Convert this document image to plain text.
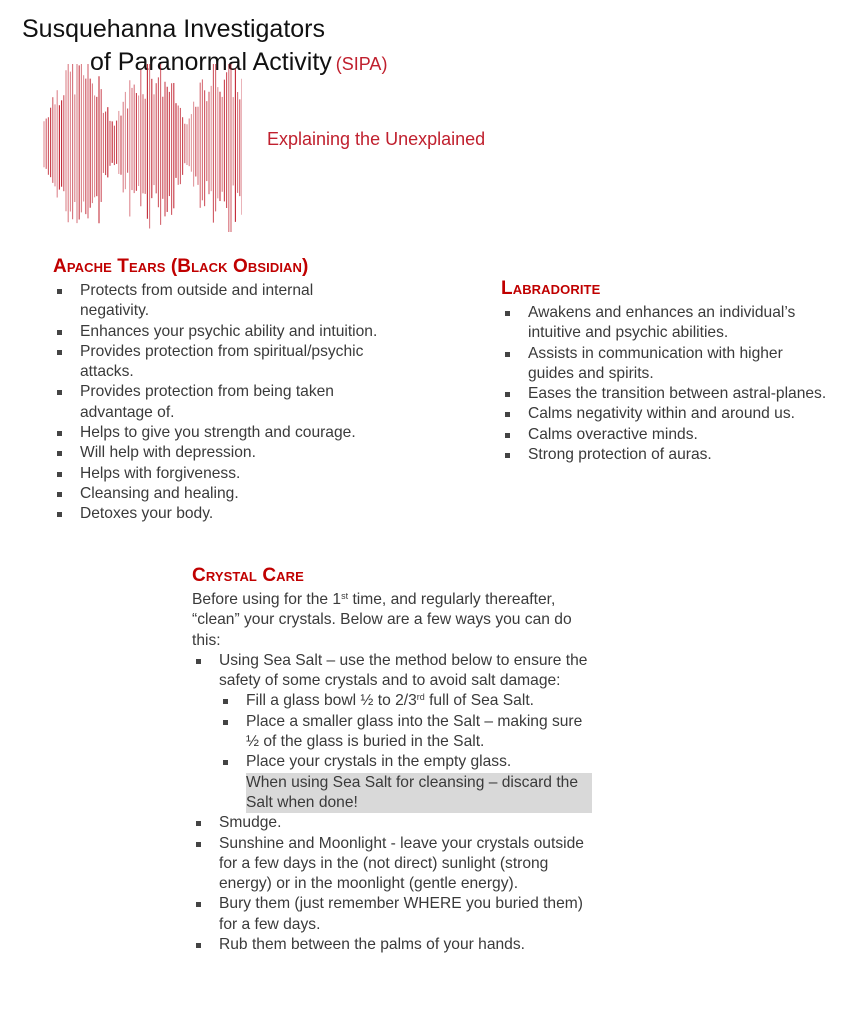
Susquehanna Investigators
of Paranormal Activity (SIPA)
Explaining the Unexplained
Apache Tears (Black Obsidian)
Protects from outside and internal negativity.
Enhances your psychic ability and intuition.
Provides protection from spiritual/psychic attacks.
Provides protection from being taken advantage of.
Helps to give you strength and courage.
Will help with depression.
Helps with forgiveness.
Cleansing and healing.
Detoxes your body.
Labradorite
Awakens and enhances an individual’s intuitive and psychic abilities.
Assists in communication with higher guides and spirits.
Eases the transition between astral-planes.
Calms negativity within and around us.
Calms overactive minds.
Strong protection of auras.
Crystal Care

Before using for the 1st time, and regularly thereafter, “clean” your crystals. Below are a few ways you can do this:

Using Sea Salt – use the method below to ensure the safety of some crystals and to avoid salt damage:
Fill a glass bowl ½ to 2/3rd full of Sea Salt.
Place a smaller glass into the Salt – making sure ½ of the glass is buried in the Salt.
Place your crystals in the empty glass.
When using Sea Salt for cleansing – discard the Salt when done!
Smudge.
Sunshine and Moonlight - leave your crystals outside for a few days in the (not direct) sunlight (strong energy) or in the moonlight (gentle energy).
Bury them (just remember WHERE you buried them) for a few days.
Rub them between the palms of your hands.
